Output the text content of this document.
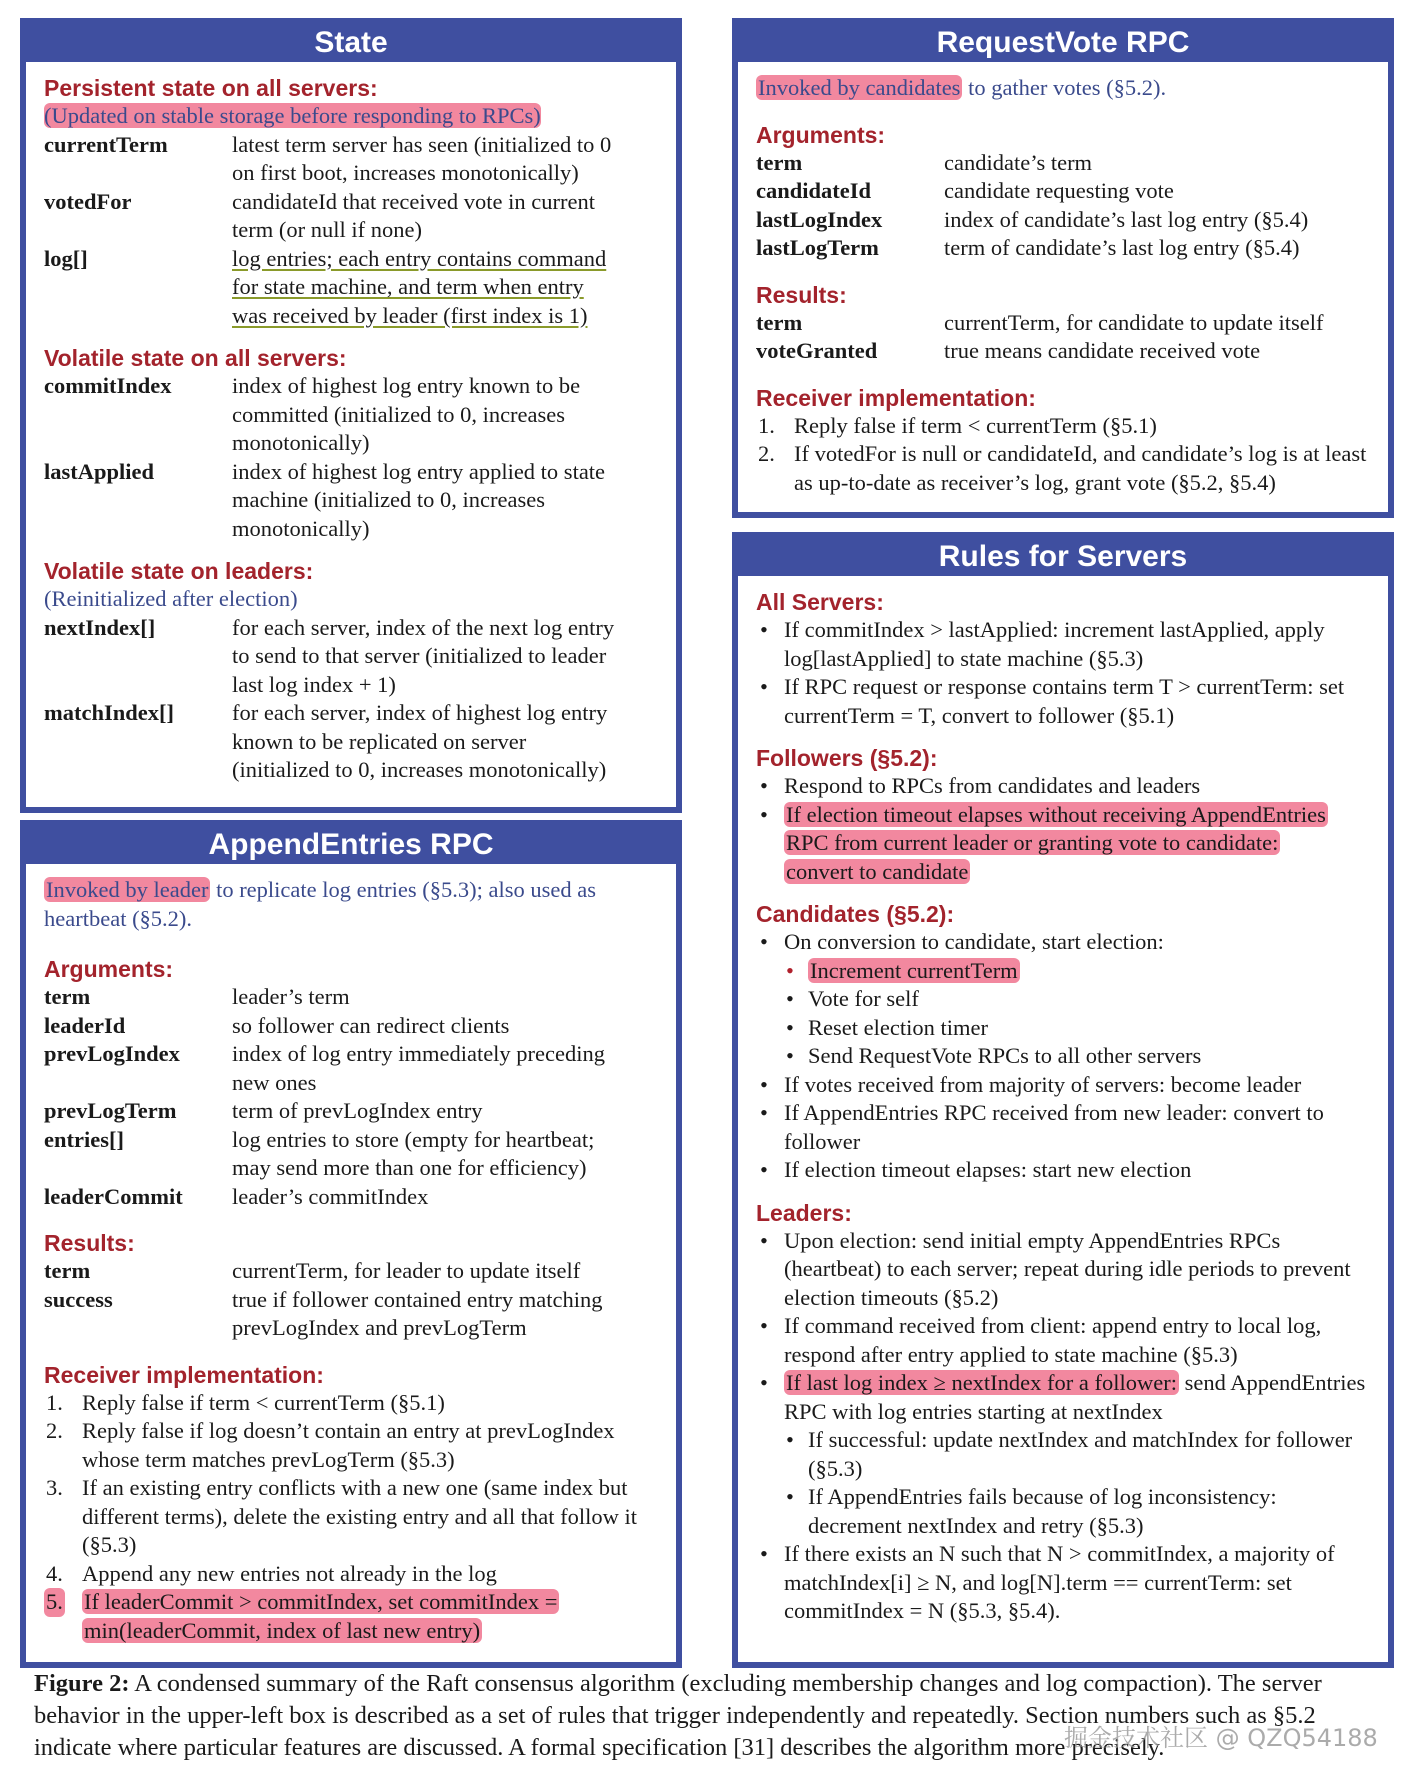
State
Persistent state on all servers:
(Updated on stable storage before responding to RPCs)
currentTerm	latest term server has seen (initialized to 0
on first boot, increases monotonically)
votedFor	candidateId that received vote in current
term (or null if none)
log[]	log entries; each entry contains command
for state machine, and term when entry
was received by leader (first index is 1)
Volatile state on all servers:
commitIndex	index of highest log entry known to be
committed (initialized to 0, increases
monotonically)
lastApplied	index of highest log entry applied to state
machine (initialized to 0, increases
monotonically)
Volatile state on leaders:
(Reinitialized after election)
nextIndex[]	for each server, index of the next log entry
to send to that server (initialized to leader
last log index + 1)
matchIndex[]	for each server, index of highest log entry
known to be replicated on server
(initialized to 0, increases monotonically)
AppendEntries RPC
Invoked by leader to replicate log entries (§5.3); also used as heartbeat (§5.2).
Arguments:
term	leader’s term
leaderId	so follower can redirect clients
prevLogIndex	index of log entry immediately preceding
new ones
prevLogTerm	term of prevLogIndex entry
entries[]	log entries to store (empty for heartbeat;
may send more than one for efficiency)
leaderCommit	leader’s commitIndex
Results:
term	currentTerm, for leader to update itself
success	true if follower contained entry matching
prevLogIndex and prevLogTerm
Receiver implementation:
1. Reply false if term < currentTerm (§5.1)
2. Reply false if log doesn’t contain an entry at prevLogIndex whose term matches prevLogTerm (§5.3)
3. If an existing entry conflicts with a new one (same index but different terms), delete the existing entry and all that follow it (§5.3)
4. Append any new entries not already in the log
5. If leaderCommit > commitIndex, set commitIndex =
min(leaderCommit, index of last new entry)
RequestVote RPC
Invoked by candidates to gather votes (§5.2).
Arguments:
term	candidate’s term
candidateId	candidate requesting vote
lastLogIndex	index of candidate’s last log entry (§5.4)
lastLogTerm	term of candidate’s last log entry (§5.4)
Results:
term	currentTerm, for candidate to update itself
voteGranted	true means candidate received vote
Receiver implementation:
1. Reply false if term < currentTerm (§5.1)
2. If votedFor is null or candidateId, and candidate’s log is at least as up-to-date as receiver’s log, grant vote (§5.2, §5.4)
Rules for Servers
All Servers:
• If commitIndex > lastApplied: increment lastApplied, apply log[lastApplied] to state machine (§5.3)
• If RPC request or response contains term T > currentTerm: set currentTerm = T, convert to follower (§5.1)
Followers (§5.2):
• Respond to RPCs from candidates and leaders
• If election timeout elapses without receiving AppendEntries
RPC from current leader or granting vote to candidate:
convert to candidate
Candidates (§5.2):
• On conversion to candidate, start election:
• Increment currentTerm
• Vote for self
• Reset election timer
• Send RequestVote RPCs to all other servers
• If votes received from majority of servers: become leader
• If AppendEntries RPC received from new leader: convert to follower
• If election timeout elapses: start new election
Leaders:
• Upon election: send initial empty AppendEntries RPCs (heartbeat) to each server; repeat during idle periods to prevent election timeouts (§5.2)
• If command received from client: append entry to local log, respond after entry applied to state machine (§5.3)
• If last log index ≥ nextIndex for a follower: send AppendEntries RPC with log entries starting at nextIndex
• If successful: update nextIndex and matchIndex for follower (§5.3)
• If AppendEntries fails because of log inconsistency: decrement nextIndex and retry (§5.3)
• If there exists an N such that N > commitIndex, a majority of matchIndex[i] ≥ N, and log[N].term == currentTerm: set commitIndex = N (§5.3, §5.4).
Figure 2: A condensed summary of the Raft consensus algorithm (excluding membership changes and log compaction). The server behavior in the upper-left box is described as a set of rules that trigger independently and repeatedly. Section numbers such as §5.2 indicate where particular features are discussed. A formal specification [31] describes the algorithm more precisely.
掘金技术社区 @ QZQ54188
